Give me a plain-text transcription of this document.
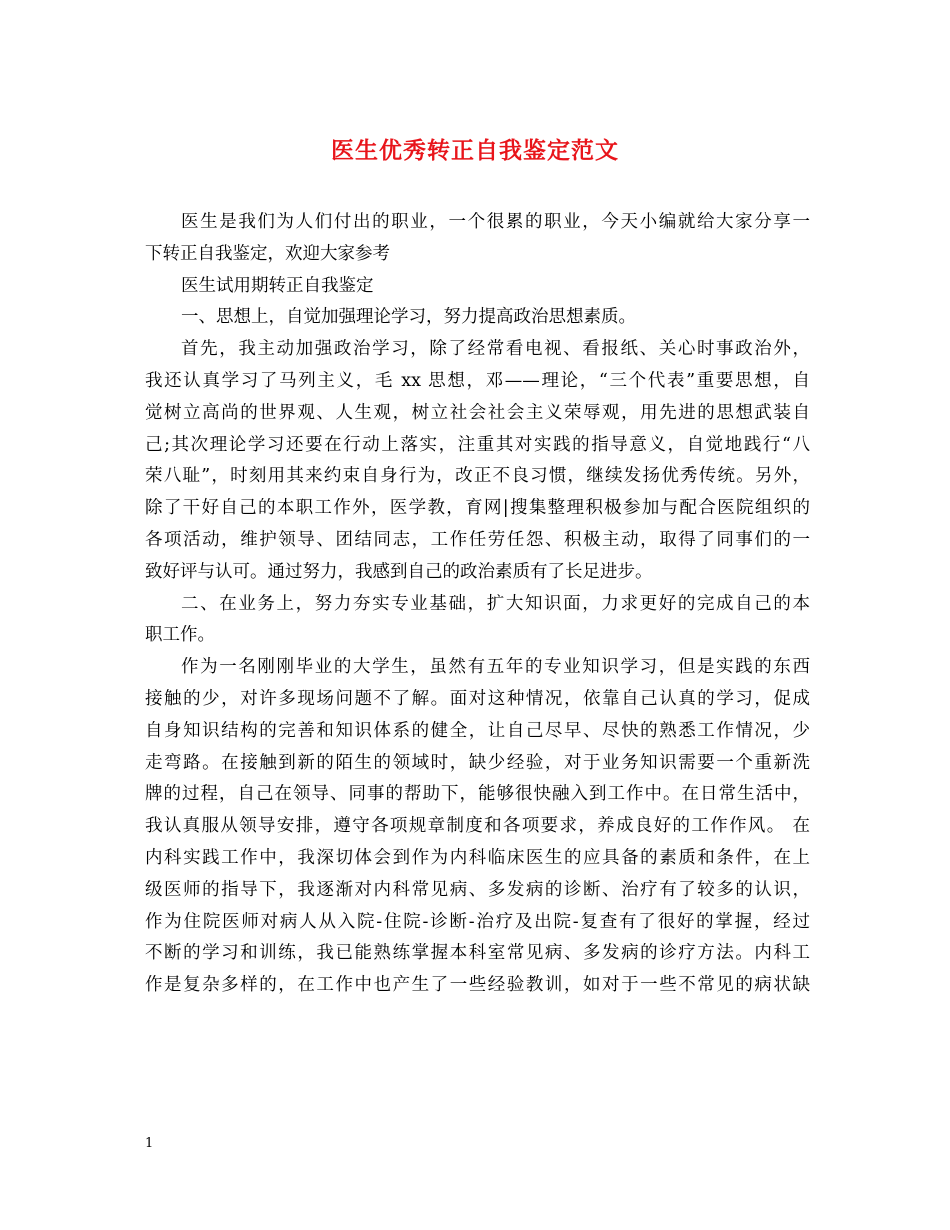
医生优秀转正自我鉴定范文
医生是我们为人们付出的职业，一个很累的职业，今天小编就给大家分享一
下转正自我鉴定，欢迎大家参考
医生试用期转正自我鉴定
一、思想上，自觉加强理论学习，努力提高政治思想素质。
首先，我主动加强政治学习，除了经常看电视、看报纸、关心时事政治外，
我还认真学习了马列主义，毛 xx 思想，邓——理论，“三个代表”重要思想，自
觉树立高尚的世界观、人生观，树立社会社会主义荣辱观，用先进的思想武装自
己;其次理论学习还要在行动上落实，注重其对实践的指导意义，自觉地践行“八
荣八耻”，时刻用其来约束自身行为，改正不良习惯，继续发扬优秀传统。另外，
除了干好自己的本职工作外，医学教，育网|搜集整理积极参加与配合医院组织的
各项活动，维护领导、团结同志，工作任劳任怨、积极主动，取得了同事们的一
致好评与认可。通过努力，我感到自己的政治素质有了长足进步。
二、在业务上，努力夯实专业基础，扩大知识面，力求更好的完成自己的本
职工作。
作为一名刚刚毕业的大学生，虽然有五年的专业知识学习，但是实践的东西
接触的少，对许多现场问题不了解。面对这种情况，依靠自己认真的学习，促成
自身知识结构的完善和知识体系的健全，让自己尽早、尽快的熟悉工作情况，少
走弯路。在接触到新的陌生的领域时，缺少经验，对于业务知识需要一个重新洗
牌的过程，自己在领导、同事的帮助下，能够很快融入到工作中。在日常生活中，
我认真服从领导安排，遵守各项规章制度和各项要求，养成良好的工作作风。 在
内科实践工作中，我深切体会到作为内科临床医生的应具备的素质和条件，在上
级医师的指导下，我逐渐对内科常见病、多发病的诊断、治疗有了较多的认识，
作为住院医师对病人从入院-住院-诊断-治疗及出院-复查有了很好的掌握，经过
不断的学习和训练，我已能熟练掌握本科室常见病、多发病的诊疗方法。内科工
作是复杂多样的，在工作中也产生了一些经验教训，如对于一些不常见的病状缺
1
